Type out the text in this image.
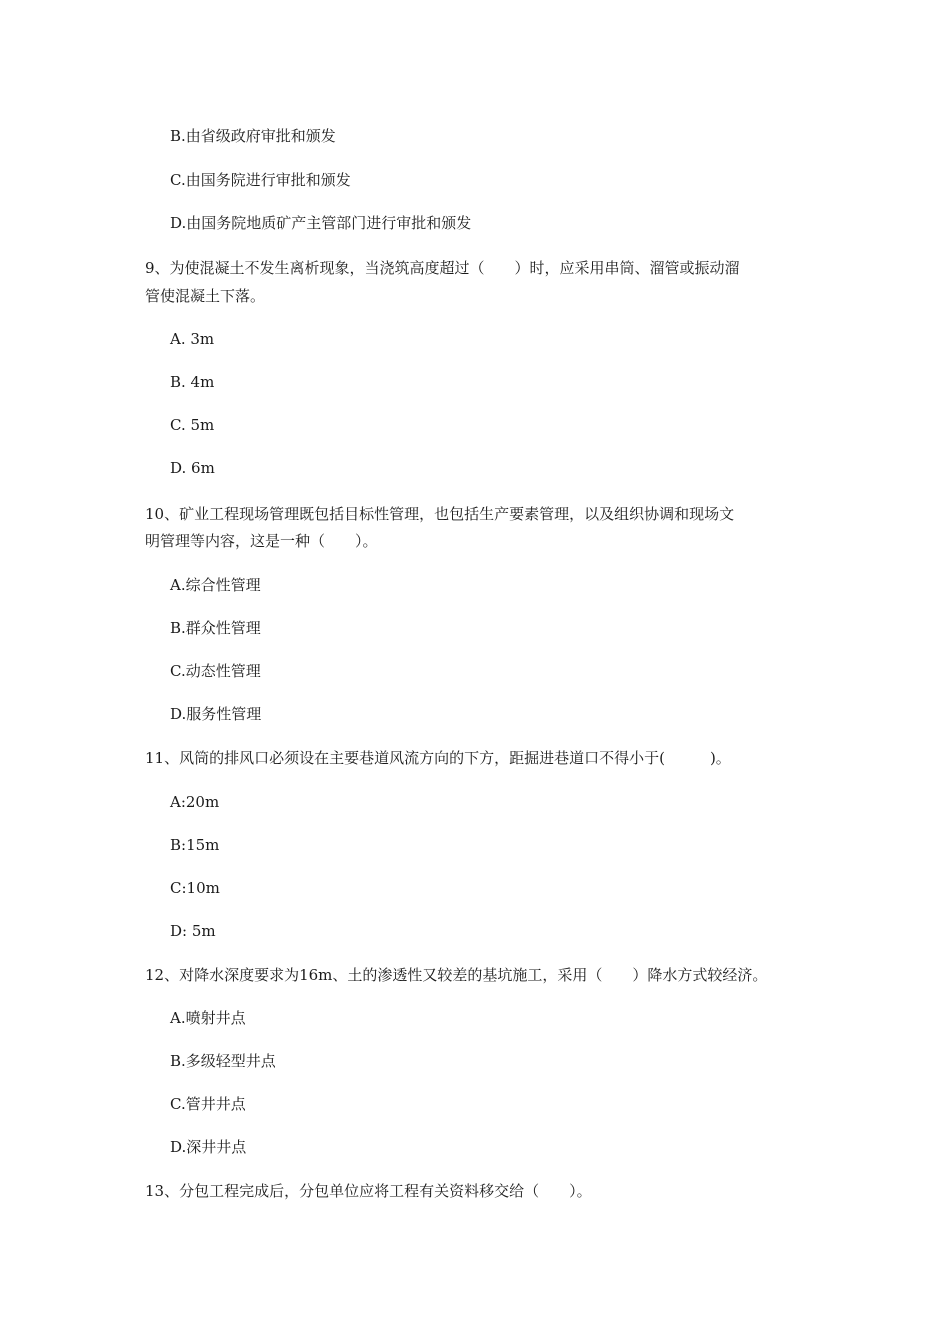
B.由省级政府审批和颁发
C.由国务院进行审批和颁发
D.由国务院地质矿产主管部门进行审批和颁发
9、为使混凝土不发生离析现象，当浇筑高度超过（　　）时，应采用串筒、溜管或振动溜
管使混凝土下落。
A. 3m
B. 4m
C. 5m
D. 6m
10、矿业工程现场管理既包括目标性管理，也包括生产要素管理，以及组织协调和现场文
明管理等内容，这是一种（　　）。
A.综合性管理
B.群众性管理
C.动态性管理
D.服务性管理
11、风筒的排风口必须设在主要巷道风流方向的下方，距掘进巷道口不得小于(　　　)。
A:20m
B:15m
C:10m
D: 5m
12、对降水深度要求为16m、土的渗透性又较差的基坑施工，采用（　　）降水方式较经济。
A.喷射井点
B.多级轻型井点
C.管井井点
D.深井井点
13、分包工程完成后，分包单位应将工程有关资料移交给（　　）。
